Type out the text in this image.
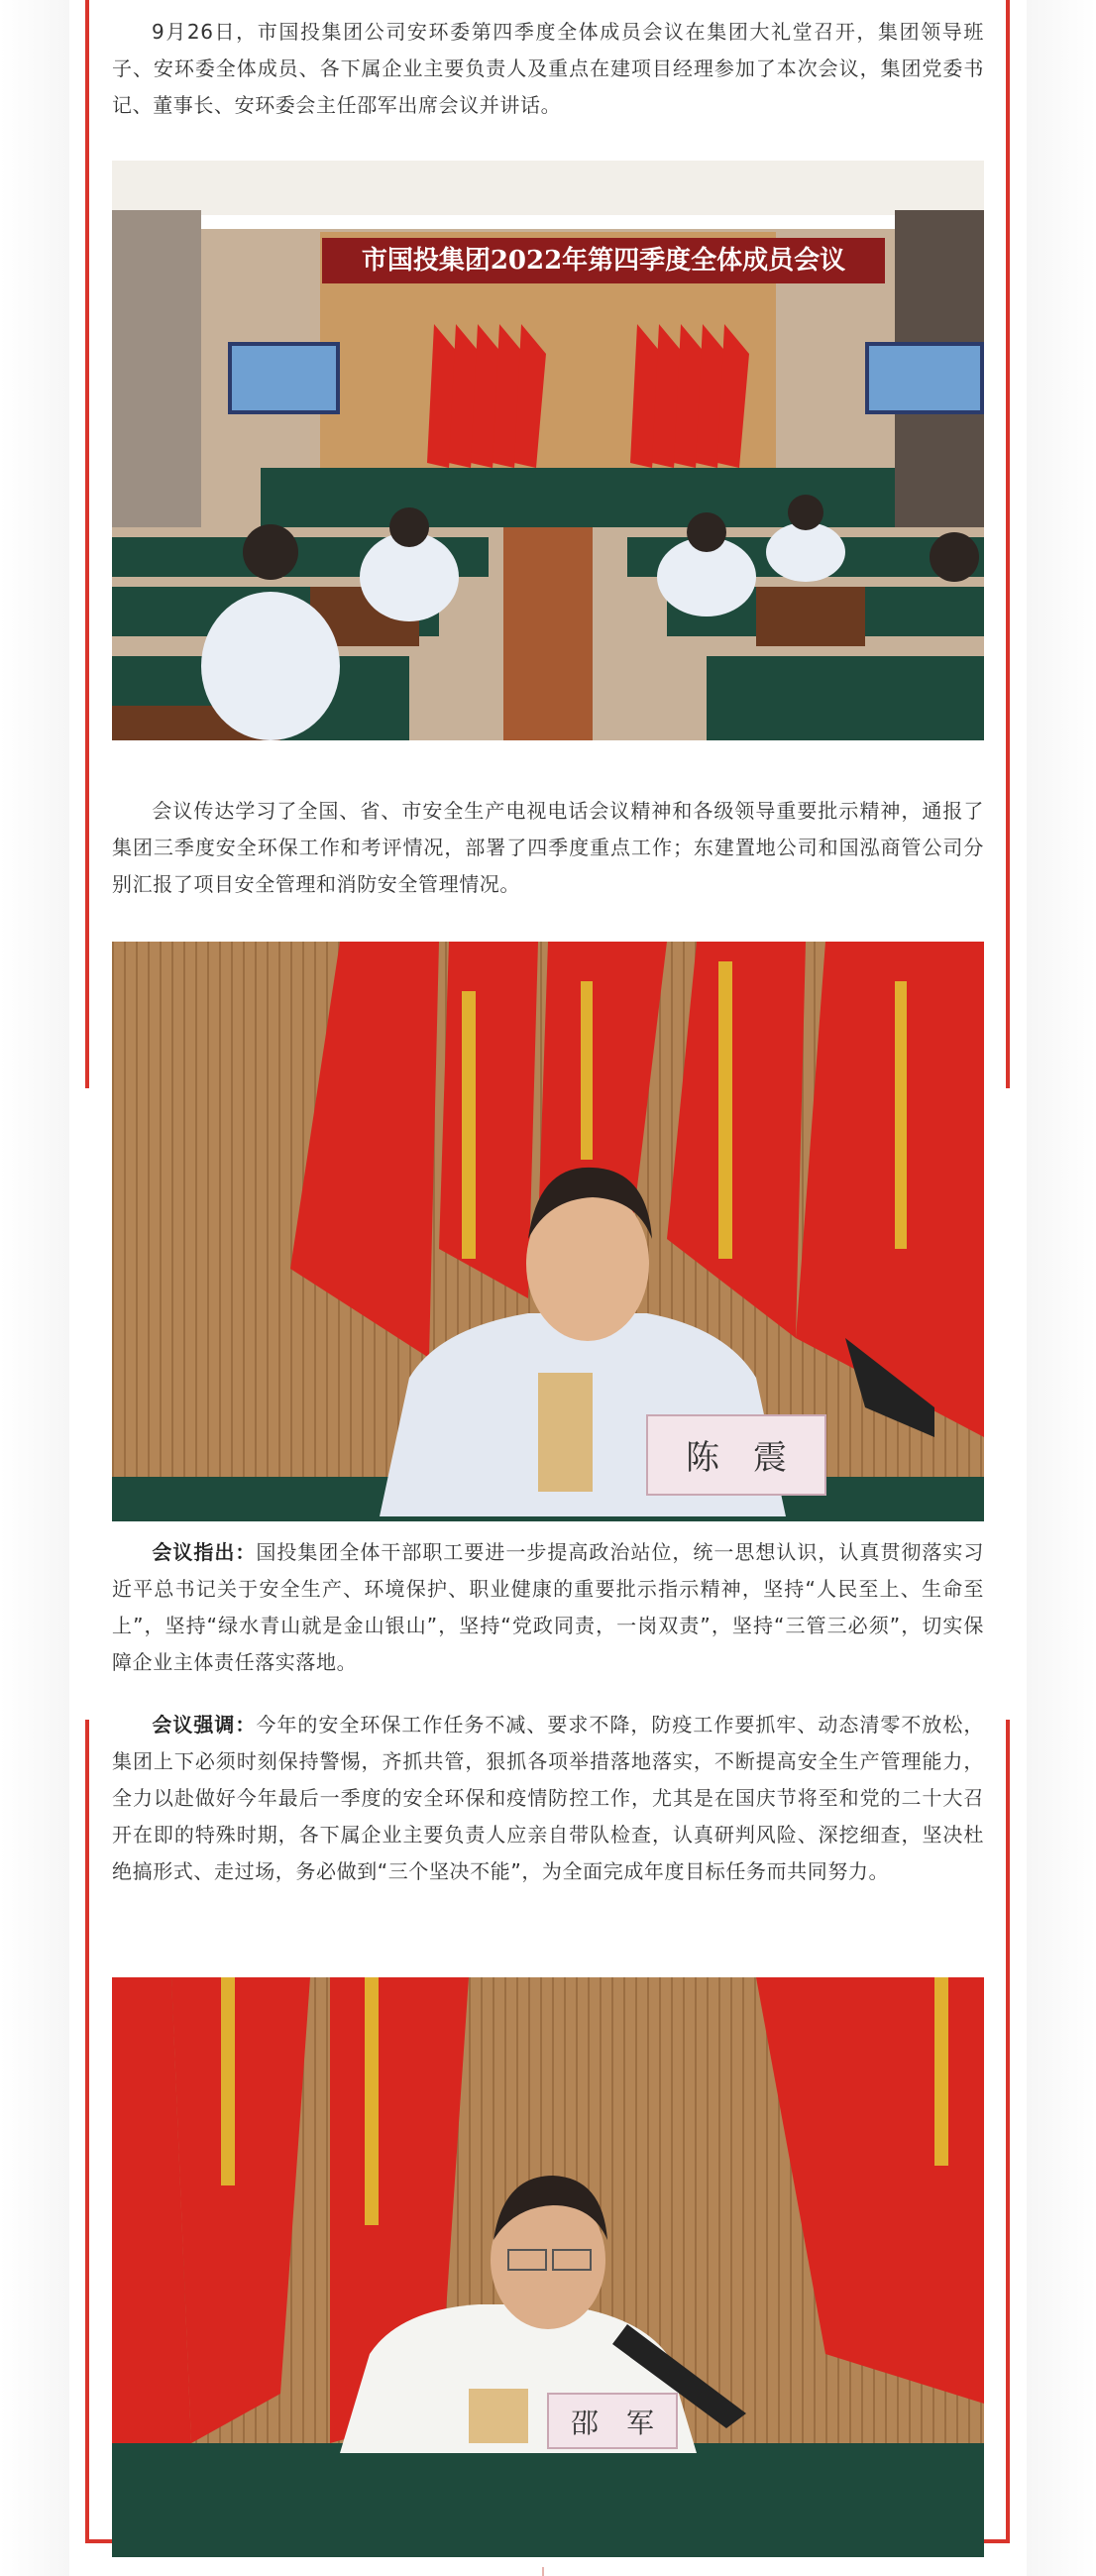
9月26日，市国投集团公司安环委第四季度全体成员会议在集团大礼堂召开，集团领导班子、安环委全体成员、各下属企业主要负责人及重点在建项目经理参加了本次会议，集团党委书记、董事长、安环委会主任邵军出席会议并讲话。

市国投集团2022年第四季度全体成员会议

会议传达学习了全国、省、市安全生产电视电话会议精神和各级领导重要批示精神，通报了集团三季度安全环保工作和考评情况，部署了四季度重点工作；东建置地公司和国泓商管公司分别汇报了项目安全管理和消防安全管理情况。

陈　震

会议指出：国投集团全体干部职工要进一步提高政治站位，统一思想认识，认真贯彻落实习近平总书记关于安全生产、环境保护、职业健康的重要批示指示精神，坚持“人民至上、生命至上”，坚持“绿水青山就是金山银山”，坚持“党政同责，一岗双责”，坚持“三管三必须”，切实保障企业主体责任落实落地。

会议强调：今年的安全环保工作任务不减、要求不降，防疫工作要抓牢、动态清零不放松，集团上下必须时刻保持警惕，齐抓共管，狠抓各项举措落地落实，不断提高安全生产管理能力，全力以赴做好今年最后一季度的安全环保和疫情防控工作，尤其是在国庆节将至和党的二十大召开在即的特殊时期，各下属企业主要负责人应亲自带队检查，认真研判风险、深挖细查，坚决杜绝搞形式、走过场，务必做到“三个坚决不能”，为全面完成年度目标任务而共同努力。

邵　军
